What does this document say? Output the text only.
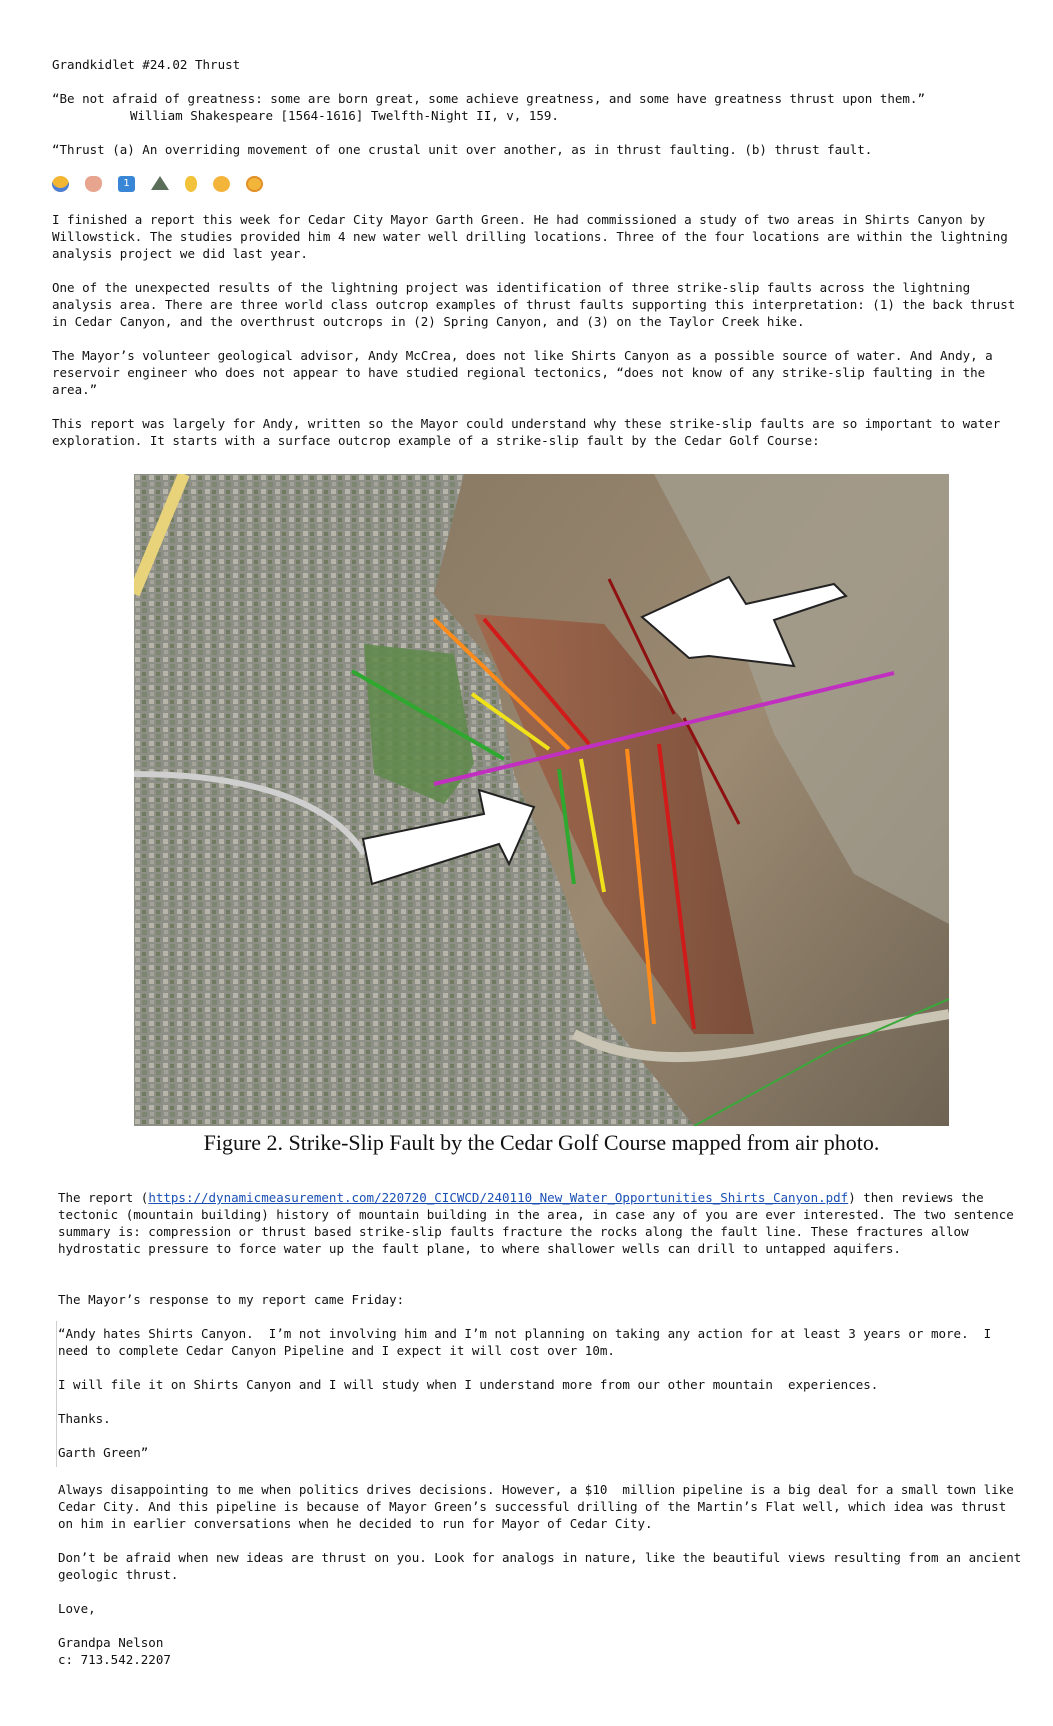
Grandkidlet #24.02 Thrust

“Be not afraid of greatness: some are born great, some achieve greatness, and some have greatness thrust upon them.”

William Shakespeare [1564-1616] Twelfth-Night II, v, 159.

“Thrust (a) An overriding movement of one crustal unit over another, as in thrust faulting. (b) thrust fault.

1

I finished a report this week for Cedar City Mayor Garth Green. He had commissioned a study of two areas in Shirts Canyon by Willowstick. The studies provided him 4 new water well drilling locations. Three of the four locations are within the lightning analysis project we did last year.

One of the unexpected results of the lightning project was identification of three strike-slip faults across the lightning analysis area. There are three world class outcrop examples of thrust faults supporting this interpretation: (1) the back thrust in Cedar Canyon, and the overthrust outcrops in (2) Spring Canyon, and (3) on the Taylor Creek hike.

The Mayor’s volunteer geological advisor, Andy McCrea, does not like Shirts Canyon as a possible source of water. And Andy, a reservoir engineer who does not appear to have studied regional tectonics, “does not know of any strike-slip faulting in the area.”

This report was largely for Andy, written so the Mayor could understand why these strike-slip faults are so important to water exploration. It starts with a surface outcrop example of a strike-slip fault by the Cedar Golf Course:

Figure 2. Strike-Slip Fault by the Cedar Golf Course mapped from air photo.

The report (https://dynamicmeasurement.com/220720_CICWCD/240110_New_Water_Opportunities_Shirts_Canyon.pdf) then reviews the tectonic (mountain building) history of mountain building in the area, in case any of you are ever interested. The two sentence summary is: compression or thrust based strike-slip faults fracture the rocks along the fault line. These fractures allow hydrostatic pressure to force water up the fault plane, to where shallower wells can drill to untapped aquifers.

The Mayor’s response to my report came Friday:

“Andy hates Shirts Canyon.  I’m not involving him and I’m not planning on taking any action for at least 3 years or more.  I need to complete Cedar Canyon Pipeline and I expect it will cost over 10m.

I will file it on Shirts Canyon and I will study when I understand more from our other mountain  experiences.

Thanks.

Garth Green”

Always disappointing to me when politics drives decisions. However, a $10  million pipeline is a big deal for a small town like Cedar City. And this pipeline is because of Mayor Green’s successful drilling of the Martin’s Flat well, which idea was thrust on him in earlier conversations when he decided to run for Mayor of Cedar City.

Don’t be afraid when new ideas are thrust on you. Look for analogs in nature, like the beautiful views resulting from an ancient geologic thrust.

Love,

Grandpa Nelson

c: 713.542.2207
